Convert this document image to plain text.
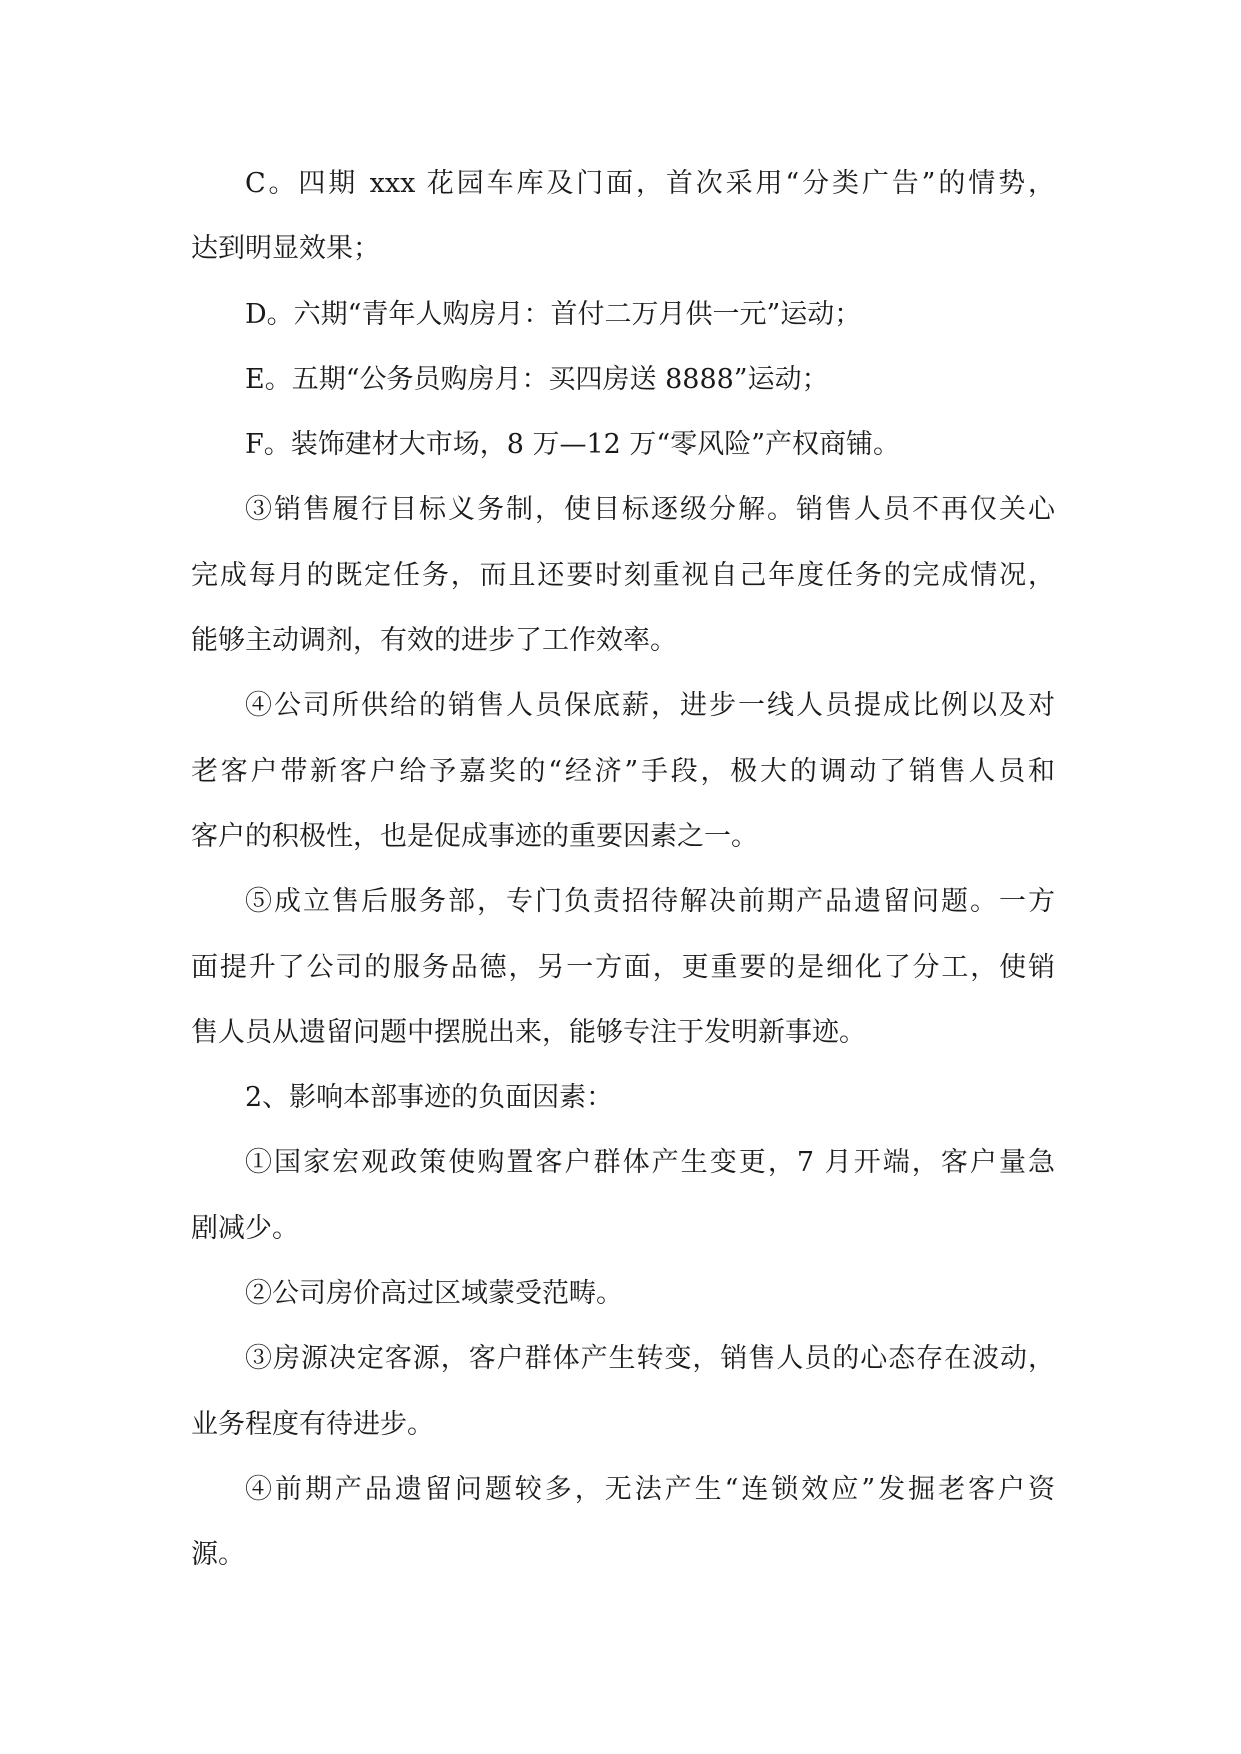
C。四期 xxx 花园车库及门面，首次采用“分类广告”的情势，
达到明显效果；
D。六期“青年人购房月：首付二万月供一元”运动；
E。五期“公务员购房月：买四房送 8888”运动；
F。装饰建材大市场，8 万—12 万“零风险”产权商铺。
③销售履行目标义务制，使目标逐级分解。销售人员不再仅关心
完成每月的既定任务，而且还要时刻重视自己年度任务的完成情况，
能够主动调剂，有效的进步了工作效率。
④公司所供给的销售人员保底薪，进步一线人员提成比例以及对
老客户带新客户给予嘉奖的“经济”手段，极大的调动了销售人员和
客户的积极性，也是促成事迹的重要因素之一。
⑤成立售后服务部，专门负责招待解决前期产品遗留问题。一方
面提升了公司的服务品德，另一方面，更重要的是细化了分工，使销
售人员从遗留问题中摆脱出来，能够专注于发明新事迹。
2、影响本部事迹的负面因素：
①国家宏观政策使购置客户群体产生变更，7 月开端，客户量急
剧减少。
②公司房价高过区域蒙受范畴。
③房源决定客源，客户群体产生转变，销售人员的心态存在波动，
业务程度有待进步。
④前期产品遗留问题较多，无法产生“连锁效应”发掘老客户资
源。
